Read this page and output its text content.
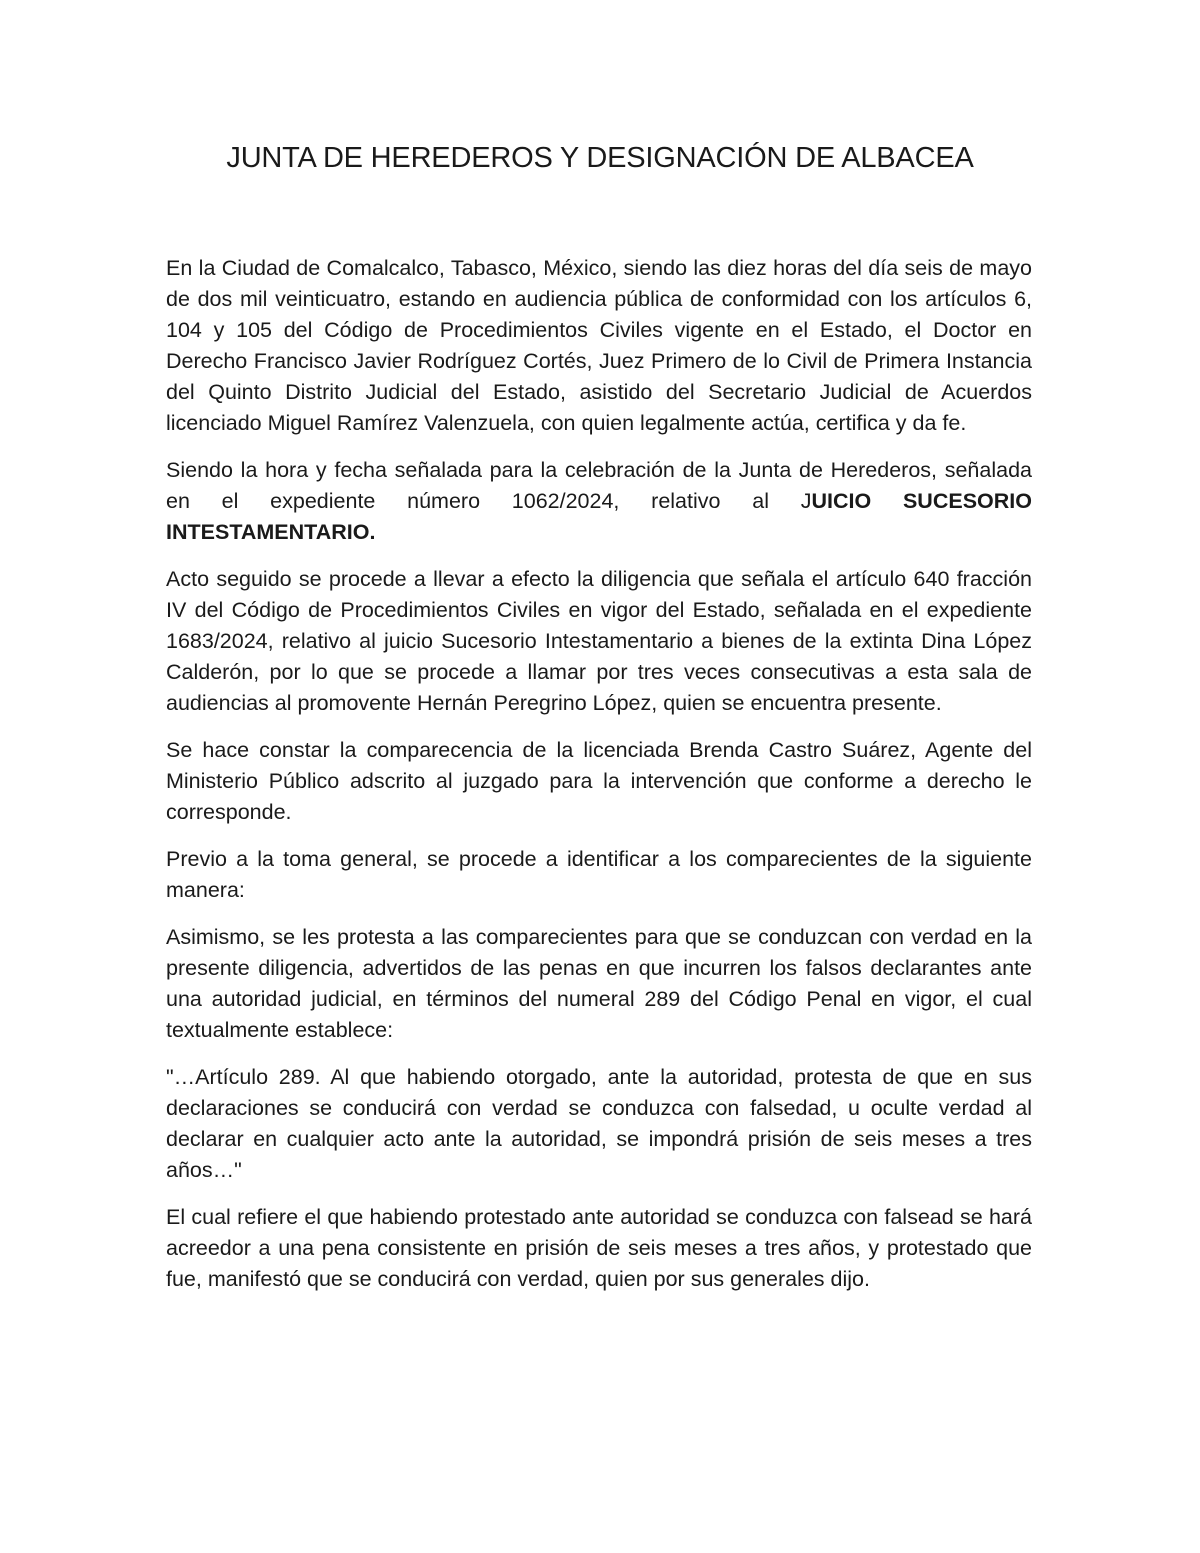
JUNTA DE HEREDEROS Y DESIGNACIÓN DE ALBACEA

En la Ciudad de Comalcalco, Tabasco, México, siendo las diez horas del día seis de mayo de dos mil veinticuatro, estando en audiencia pública de conformidad con los artículos 6, 104 y 105 del Código de Procedimientos Civiles vigente en el Estado, el Doctor en Derecho Francisco Javier Rodríguez Cortés, Juez Primero de lo Civil de Primera Instancia del Quinto Distrito Judicial del Estado, asistido del Secretario Judicial de Acuerdos licenciado Miguel Ramírez Valenzuela, con quien legalmente actúa, certifica y da fe.

Siendo la hora y fecha señalada para la celebración de la Junta de Herederos, señalada en el expediente número 1062/2024, relativo al JUICIO SUCESORIO INTESTAMENTARIO.

Acto seguido se procede a llevar a efecto la diligencia que señala el artículo 640 fracción IV del Código de Procedimientos Civiles en vigor del Estado, señalada en el expediente 1683/2024, relativo al juicio Sucesorio Intestamentario a bienes de la extinta Dina López Calderón, por lo que se procede a llamar por tres veces consecutivas a esta sala de audiencias al promovente Hernán Peregrino López, quien se encuentra presente.

Se hace constar la comparecencia de la licenciada Brenda Castro Suárez, Agente del Ministerio Público adscrito al juzgado para la intervención que conforme a derecho le corresponde.

Previo a la toma general, se procede a identificar a los comparecientes de la siguiente manera:

Asimismo, se les protesta a las comparecientes para que se conduzcan con verdad en la presente diligencia, advertidos de las penas en que incurren los falsos declarantes ante una autoridad judicial, en términos del numeral 289 del Código Penal en vigor, el cual textualmente establece:

"…Artículo 289. Al que habiendo otorgado, ante la autoridad, protesta de que en sus declaraciones se conducirá con verdad se conduzca con falsedad, u oculte verdad al declarar en cualquier acto ante la autoridad, se impondrá prisión de seis meses a tres años…"

El cual refiere el que habiendo protestado ante autoridad se conduzca con falsead se hará acreedor a una pena consistente en prisión de seis meses a tres años, y protestado que fue, manifestó que se conducirá con verdad, quien por sus generales dijo.
